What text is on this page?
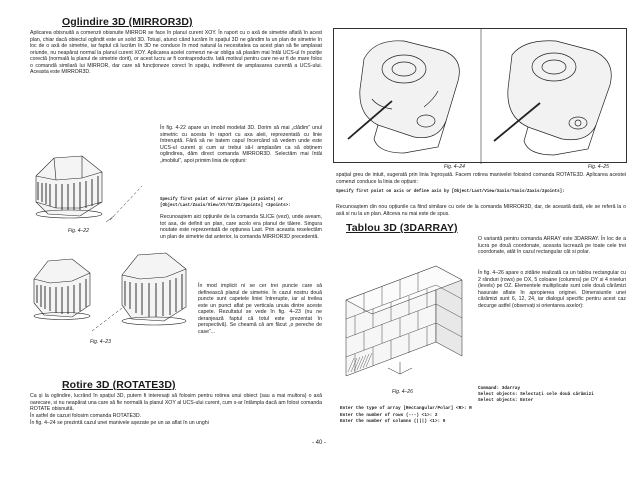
Oglindire 3D (MIRROR3D)

Aplicarea obisnuită a comenzii obisnuite MIRROR se face în planul curent XOY. În raport cu o axă de simetrie aflată în acest plan, chiar dacă obiectul oglindit este un solid 3D. Totuși, atunci când lucrăm în spațiul 3D ne gândim la un plan de simetrie în loc de o axă de simetrie, iar faptul că lucrăm în 3D ne conduce în mod natural la necesitatea ca acest plan să fie amplasat oriunde, nu neapărat normal la planul curent XOY. Aplicarea acelei comenzi ne-ar obliga să plasăm mai întâi UCS-ul în poziție corectă (normală la planul de simetrie dorit), or acest lucru ar fi contraproductiv. Iată motivul pentru care ne-ar fi de mare folos o comandă similară lui MIRROR, dar care să funcționeze corect în spațiu, indiferent de amplasarea curentă a UCS-ului. Aceasta este MIRROR3D.

Fig. 4–22

În fig. 4-22 apare un imobil modelat 3D. Dorim să mai „clădim” unul simetric cu acesta în raport cu axa aleii, reprezentată cu linie întreruptă. Fără să ne batem capul încercând să vedem unde este UCS-ul curent și cum ar trebui să-l amplasăm ca să obținem oglindirea, dăm direct comanda MIRROR3D. Selectăm mai întâi „imobilul”, apoi primim linia de opțiuni:

Specify first point of mirror plane (3 points) or
[Object/Last/Zaxis/View/XY/YZ/ZX/3points] <3points>:

Recunoaștem aici opțiunile de la comanda SLICE (vezi), unde aveam, tot asa, de definit un plan, care acolo era planul de tăiere. Singura noutate este reprezentată de opțiunea Last. Prin aceasta reselectăm un plan de simetrie dat anterior, la comanda MIRROR3D precedentă.

Fig. 4–23

În mod implicit ni se cer trei puncte care să definească planul de simetrie. În cazul nostru două puncte sunt capetele liniei întrerupte, iar al treilea este un punct aflat pe verticala unuia dintre aceste capete. Rezultatul se vede în fig. 4–23 (nu ne deranjează faptul că totul este prezentat în perspectivă). Se cheamă că am făcut „o pereche de case”...

Rotire 3D (ROTATE3D)

Ca și la oglindire, lucrând în spațiul 3D, putem fi interesați să folosim pentru rotirea unui obiect (sau a mai multora) o axă oarecare, si nu neapărat una care să fie normală la planul XOY al UCS-ului curent, cum s-ar întâmpla dacă am folosi comanda ROTATE obisnuită.

În astfel de cazuri folosim comanda ROTATE3D.

În fig. 4–24 se prezintă cazul unei manivele așezate pe un ax aflat în un unghi

Fig. 4–24	Fig. 4–25

spațial greu de intuit, sugerată prin linia îngroșată. Facem rotirea manivelei folosind comanda ROTATE3D. Aplicarea acestei comenzi conduce la linia de opțiuni:

Specify first point on axis or define axis by [Object/Last/View/Xaxis/Yaxis/Zaxis/2points]:

Recunoaștem din nou opțiunile ca fiind similare cu cele de la comanda MIRROR3D, dar, de această dată, ele se referă la o axă si nu la un plan. Altceva nu mai este de spus.

Tablou 3D (3DARRAY)

O variantă pentru comanda ARRAY este 3DARRAY. În loc de a lucra pe două coordonate, aceasta lucrează pe toate cele trei coordonate, atât în cazul rectangular cât si polar.

În fig. 4–26 apare o zidărie realizată ca un tablou rectangular cu 2 rânduri (rows) pe OX, 5 coloane (columns) pe OY si 4 niveluri (levels) pe OZ. Elementele multiplicate sunt cele două cărămizi hasurate aflate în apropierea originei. Dimensiunile unei cărămizi sunt 6, 12, 24, iar dialogul specific pentru acest caz decurge astfel (observați si orientarea axelor):

Fig. 4–26
Command: 3darray
Select objects: Selectați cele două cărămizi
Select objects: Enter
Enter the type of array [Rectangular/Polar] <R>: R
Enter the number of rows (---) <1>: 2
Enter the number of columns (|||) <1>: 5
- 40 -
